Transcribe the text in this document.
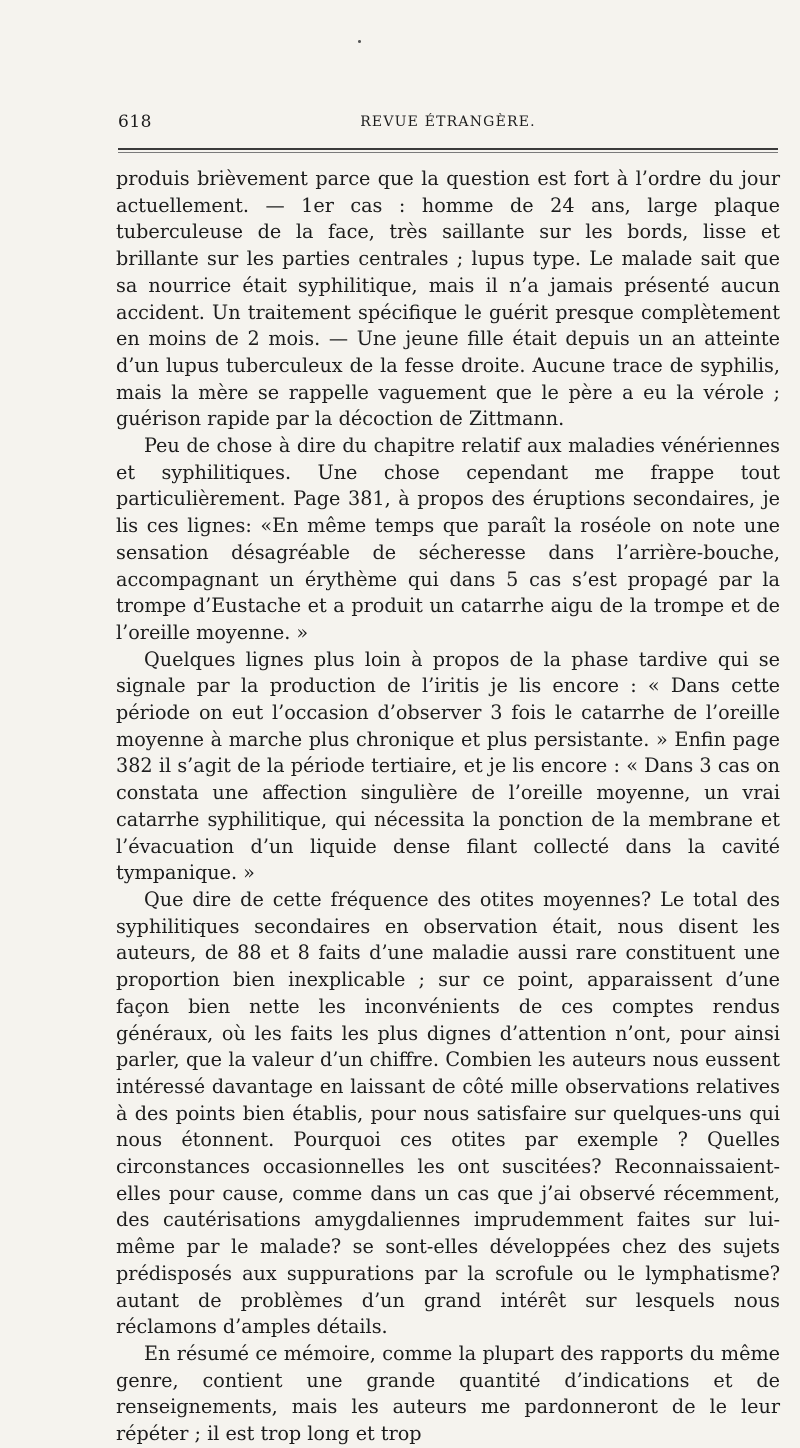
618	REVUE ÉTRANGÈRE.

produis brièvement parce que la question est fort à l’ordre du jour actuellement. — 1er cas : homme de 24 ans, large plaque tuberculeuse de la face, très saillante sur les bords, lisse et brillante sur les parties centrales ; lupus type. Le malade sait que sa nourrice était syphilitique, mais il n’a jamais présenté aucun accident. Un traitement spécifique le guérit presque complètement en moins de 2 mois. — Une jeune fille était depuis un an atteinte d’un lupus tuberculeux de la fesse droite. Aucune trace de syphilis, mais la mère se rappelle vaguement que le père a eu la vérole ; guérison rapide par la décoction de Zittmann.

Peu de chose à dire du chapitre relatif aux maladies vénériennes et syphilitiques. Une chose cependant me frappe tout particulièrement. Page 381, à propos des éruptions secondaires, je lis ces lignes: «En même temps que paraît la roséole on note une sensation désagréable de sécheresse dans l’arrière-bouche, accompagnant un érythème qui dans 5 cas s’est propagé par la trompe d’Eustache et a produit un catarrhe aigu de la trompe et de l’oreille moyenne. »

Quelques lignes plus loin à propos de la phase tardive qui se signale par la production de l’iritis je lis encore : « Dans cette période on eut l’occasion d’observer 3 fois le catarrhe de l’oreille moyenne à marche plus chronique et plus persistante. » Enfin page 382 il s’agit de la période tertiaire, et je lis encore : « Dans 3 cas on constata une affection singulière de l’oreille moyenne, un vrai catarrhe syphilitique, qui nécessita la ponction de la membrane et l’évacuation d’un liquide dense filant collecté dans la cavité tympanique. »

Que dire de cette fréquence des otites moyennes? Le total des syphilitiques secondaires en observation était, nous disent les auteurs, de 88 et 8 faits d’une maladie aussi rare constituent une proportion bien inexplicable ; sur ce point, apparaissent d’une façon bien nette les inconvénients de ces comptes rendus généraux, où les faits les plus dignes d’attention n’ont, pour ainsi parler, que la valeur d’un chiffre. Combien les auteurs nous eussent intéressé davantage en laissant de côté mille observations relatives à des points bien établis, pour nous satisfaire sur quelques-uns qui nous étonnent. Pourquoi ces otites par exemple ? Quelles circonstances occasionnelles les ont suscitées? Reconnaissaient-elles pour cause, comme dans un cas que j’ai observé récemment, des cautérisations amygdaliennes imprudemment faites sur lui-même par le malade? se sont-elles développées chez des sujets prédisposés aux suppurations par la scrofule ou le lymphatisme? autant de problèmes d’un grand intérêt sur lesquels nous réclamons d’amples détails.

En résumé ce mémoire, comme la plupart des rapports du même genre, contient une grande quantité d’indications et de renseignements, mais les auteurs me pardonneront de le leur répéter ; il est trop long et trop
